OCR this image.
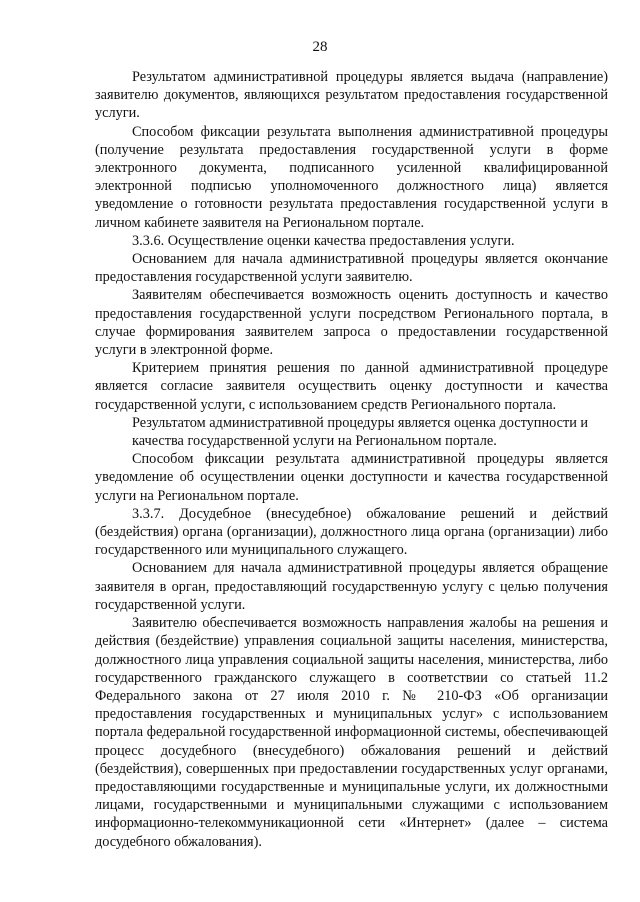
28

Результатом административной процедуры является выдача (направление) заявителю документов, являющихся результатом предоставления государственной услуги.

Способом фиксации результата выполнения административной процедуры (получение результата предоставления государственной услуги в форме электронного документа, подписанного усиленной квалифицированной электронной подписью уполномоченного должностного лица) является уведомление о готовности результата предоставления государственной услуги в личном кабинете заявителя на Региональном портале.

3.3.6. Осуществление оценки качества предоставления услуги.

Основанием для начала административной процедуры является окончание предоставления государственной услуги заявителю.

Заявителям обеспечивается возможность оценить доступность и качество предоставления государственной услуги посредством Регионального портала, в случае формирования заявителем запроса о предоставлении государственной услуги в электронной форме.

Критерием принятия решения по данной административной процедуре является согласие заявителя осуществить оценку доступности и качества государственной услуги, с использованием средств Регионального портала.

Результатом административной процедуры является оценка доступности и качества государственной услуги на Региональном портале.

Способом фиксации результата административной процедуры является уведомление об осуществлении оценки доступности и качества государственной услуги на Региональном портале.

3.3.7. Досудебное (внесудебное) обжалование решений и действий (бездействия) органа (организации), должностного лица органа (организации) либо государственного или муниципального служащего.

Основанием для начала административной процедуры является обращение заявителя в орган, предоставляющий государственную услугу с целью получения государственной услуги.

Заявителю обеспечивается возможность направления жалобы на решения и действия (бездействие) управления социальной защиты населения, министерства, должностного лица управления социальной защиты населения, министерства, либо государственного гражданского служащего в соответствии со статьей 11.2 Федерального закона от 27 июля 2010 г. № 210-ФЗ «Об организации предоставления государственных и муниципальных услуг» с использованием портала федеральной государственной информационной системы, обеспечивающей процесс досудебного (внесудебного) обжалования решений и действий (бездействия), совершенных при предоставлении государственных услуг органами, предоставляющими государственные и муниципальные услуги, их должностными лицами, государственными и муниципальными служащими с использованием информационно-телекоммуникационной сети «Интернет» (далее – система досудебного обжалования).
